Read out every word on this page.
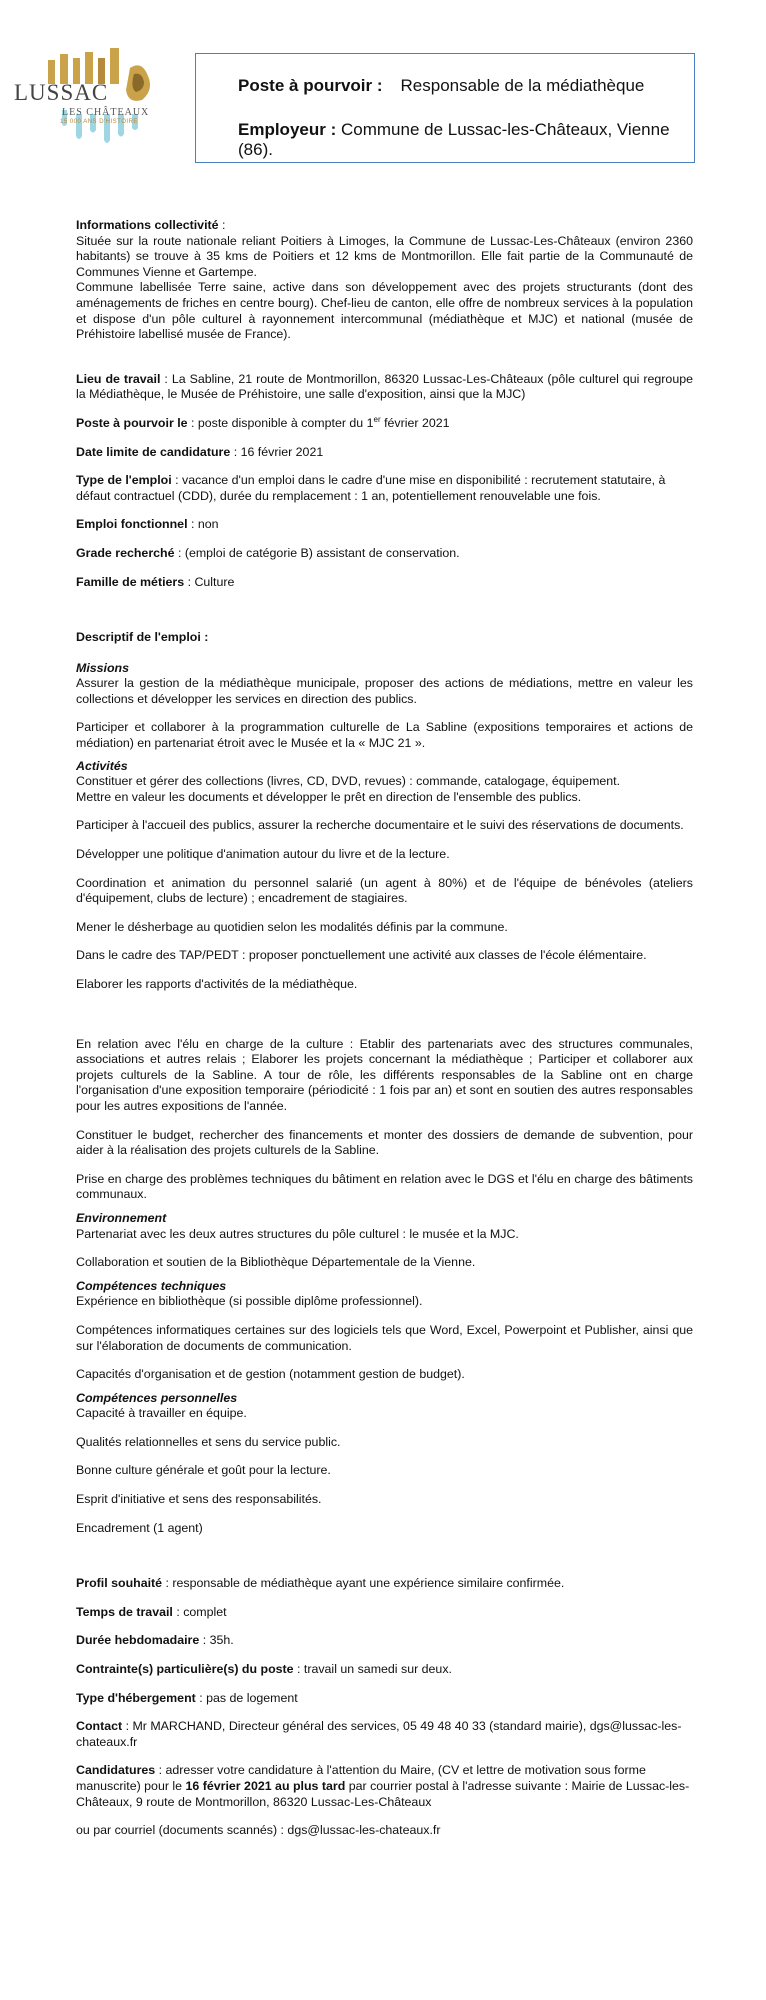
LUSSAC
LES CHÂTEAUX
15 000 ANS D'HISTOIRE
Poste à pourvoir : Responsable de la médiathèque
Employeur : Commune de Lussac-les-Châteaux, Vienne (86).

Informations collectivité :

Située sur la route nationale reliant Poitiers à Limoges, la Commune de Lussac-Les-Châteaux (environ 2360 habitants) se trouve à 35 kms de Poitiers et 12 kms de Montmorillon. Elle fait partie de la Communauté de Communes Vienne et Gartempe.

Commune labellisée Terre saine, active dans son développement avec des projets structurants (dont des aménagements de friches en centre bourg). Chef-lieu de canton, elle offre de nombreux services à la population et dispose d'un pôle culturel à rayonnement intercommunal (médiathèque et MJC) et national (musée de Préhistoire labellisé musée de France).

Lieu de travail : La Sabline, 21 route de Montmorillon, 86320 Lussac-Les-Châteaux (pôle culturel qui regroupe la Médiathèque, le Musée de Préhistoire, une salle d'exposition, ainsi que la MJC)

Poste à pourvoir le : poste disponible à compter du 1er février 2021

Date limite de candidature : 16 février 2021

Type de l'emploi : vacance d'un emploi dans le cadre d'une mise en disponibilité : recrutement statutaire, à défaut contractuel (CDD), durée du remplacement : 1 an, potentiellement renouvelable une fois.

Emploi fonctionnel : non

Grade recherché : (emploi de catégorie B) assistant de conservation.

Famille de métiers : Culture

Descriptif de l'emploi :

Missions

Assurer la gestion de la médiathèque municipale, proposer des actions de médiations, mettre en valeur les collections et développer les services en direction des publics.

Participer et collaborer à la programmation culturelle de La Sabline (expositions temporaires et actions de médiation) en partenariat étroit avec le Musée et la « MJC 21 ».

Activités

Constituer et gérer des collections (livres, CD, DVD, revues) : commande, catalogage, équipement.

Mettre en valeur les documents et développer le prêt en direction de l'ensemble des publics.

Participer à l'accueil des publics, assurer la recherche documentaire et le suivi des réservations de documents.

Développer une politique d'animation autour du livre et de la lecture.

Coordination et animation du personnel salarié (un agent à 80%) et de l'équipe de bénévoles (ateliers d'équipement, clubs de lecture) ; encadrement de stagiaires.

Mener le désherbage au quotidien selon les modalités définis par la commune.

Dans le cadre des TAP/PEDT : proposer ponctuellement une activité aux classes de l'école élémentaire.

Elaborer les rapports d'activités de la médiathèque.

En relation avec l'élu en charge de la culture : Etablir des partenariats avec des structures communales, associations et autres relais ; Elaborer les projets concernant la médiathèque ; Participer et collaborer aux projets culturels de la Sabline. A tour de rôle, les différents responsables de la Sabline ont en charge l'organisation d'une exposition temporaire (périodicité : 1 fois par an) et sont en soutien des autres responsables pour les autres expositions de l'année.

Constituer le budget, rechercher des financements et monter des dossiers de demande de subvention, pour aider à la réalisation des projets culturels de la Sabline.

Prise en charge des problèmes techniques du bâtiment en relation avec le DGS et l'élu en charge des bâtiments communaux.

Environnement

Partenariat avec les deux autres structures du pôle culturel : le musée et la MJC.

Collaboration et soutien de la Bibliothèque Départementale de la Vienne.

Compétences techniques

Expérience en bibliothèque (si possible diplôme professionnel).

Compétences informatiques certaines sur des logiciels tels que Word, Excel, Powerpoint et Publisher, ainsi que sur l'élaboration de documents de communication.

Capacités d'organisation et de gestion (notamment gestion de budget).

Compétences personnelles

Capacité à travailler en équipe.

Qualités relationnelles et sens du service public.

Bonne culture générale et goût pour la lecture.

Esprit d'initiative et sens des responsabilités.

Encadrement (1 agent)

Profil souhaité : responsable de médiathèque ayant une expérience similaire confirmée.

Temps de travail : complet

Durée hebdomadaire : 35h.

Contrainte(s) particulière(s) du poste : travail un samedi sur deux.

Type d'hébergement : pas de logement

Contact : Mr MARCHAND, Directeur général des services, 05 49 48 40 33 (standard mairie), dgs@lussac-les-chateaux.fr

Candidatures : adresser votre candidature à l'attention du Maire, (CV et lettre de motivation sous forme manuscrite) pour le 16 février 2021 au plus tard par courrier postal à l'adresse suivante : Mairie de Lussac-les-Châteaux, 9 route de Montmorillon, 86320 Lussac-Les-Châteaux

ou par courriel (documents scannés) : dgs@lussac-les-chateaux.fr
